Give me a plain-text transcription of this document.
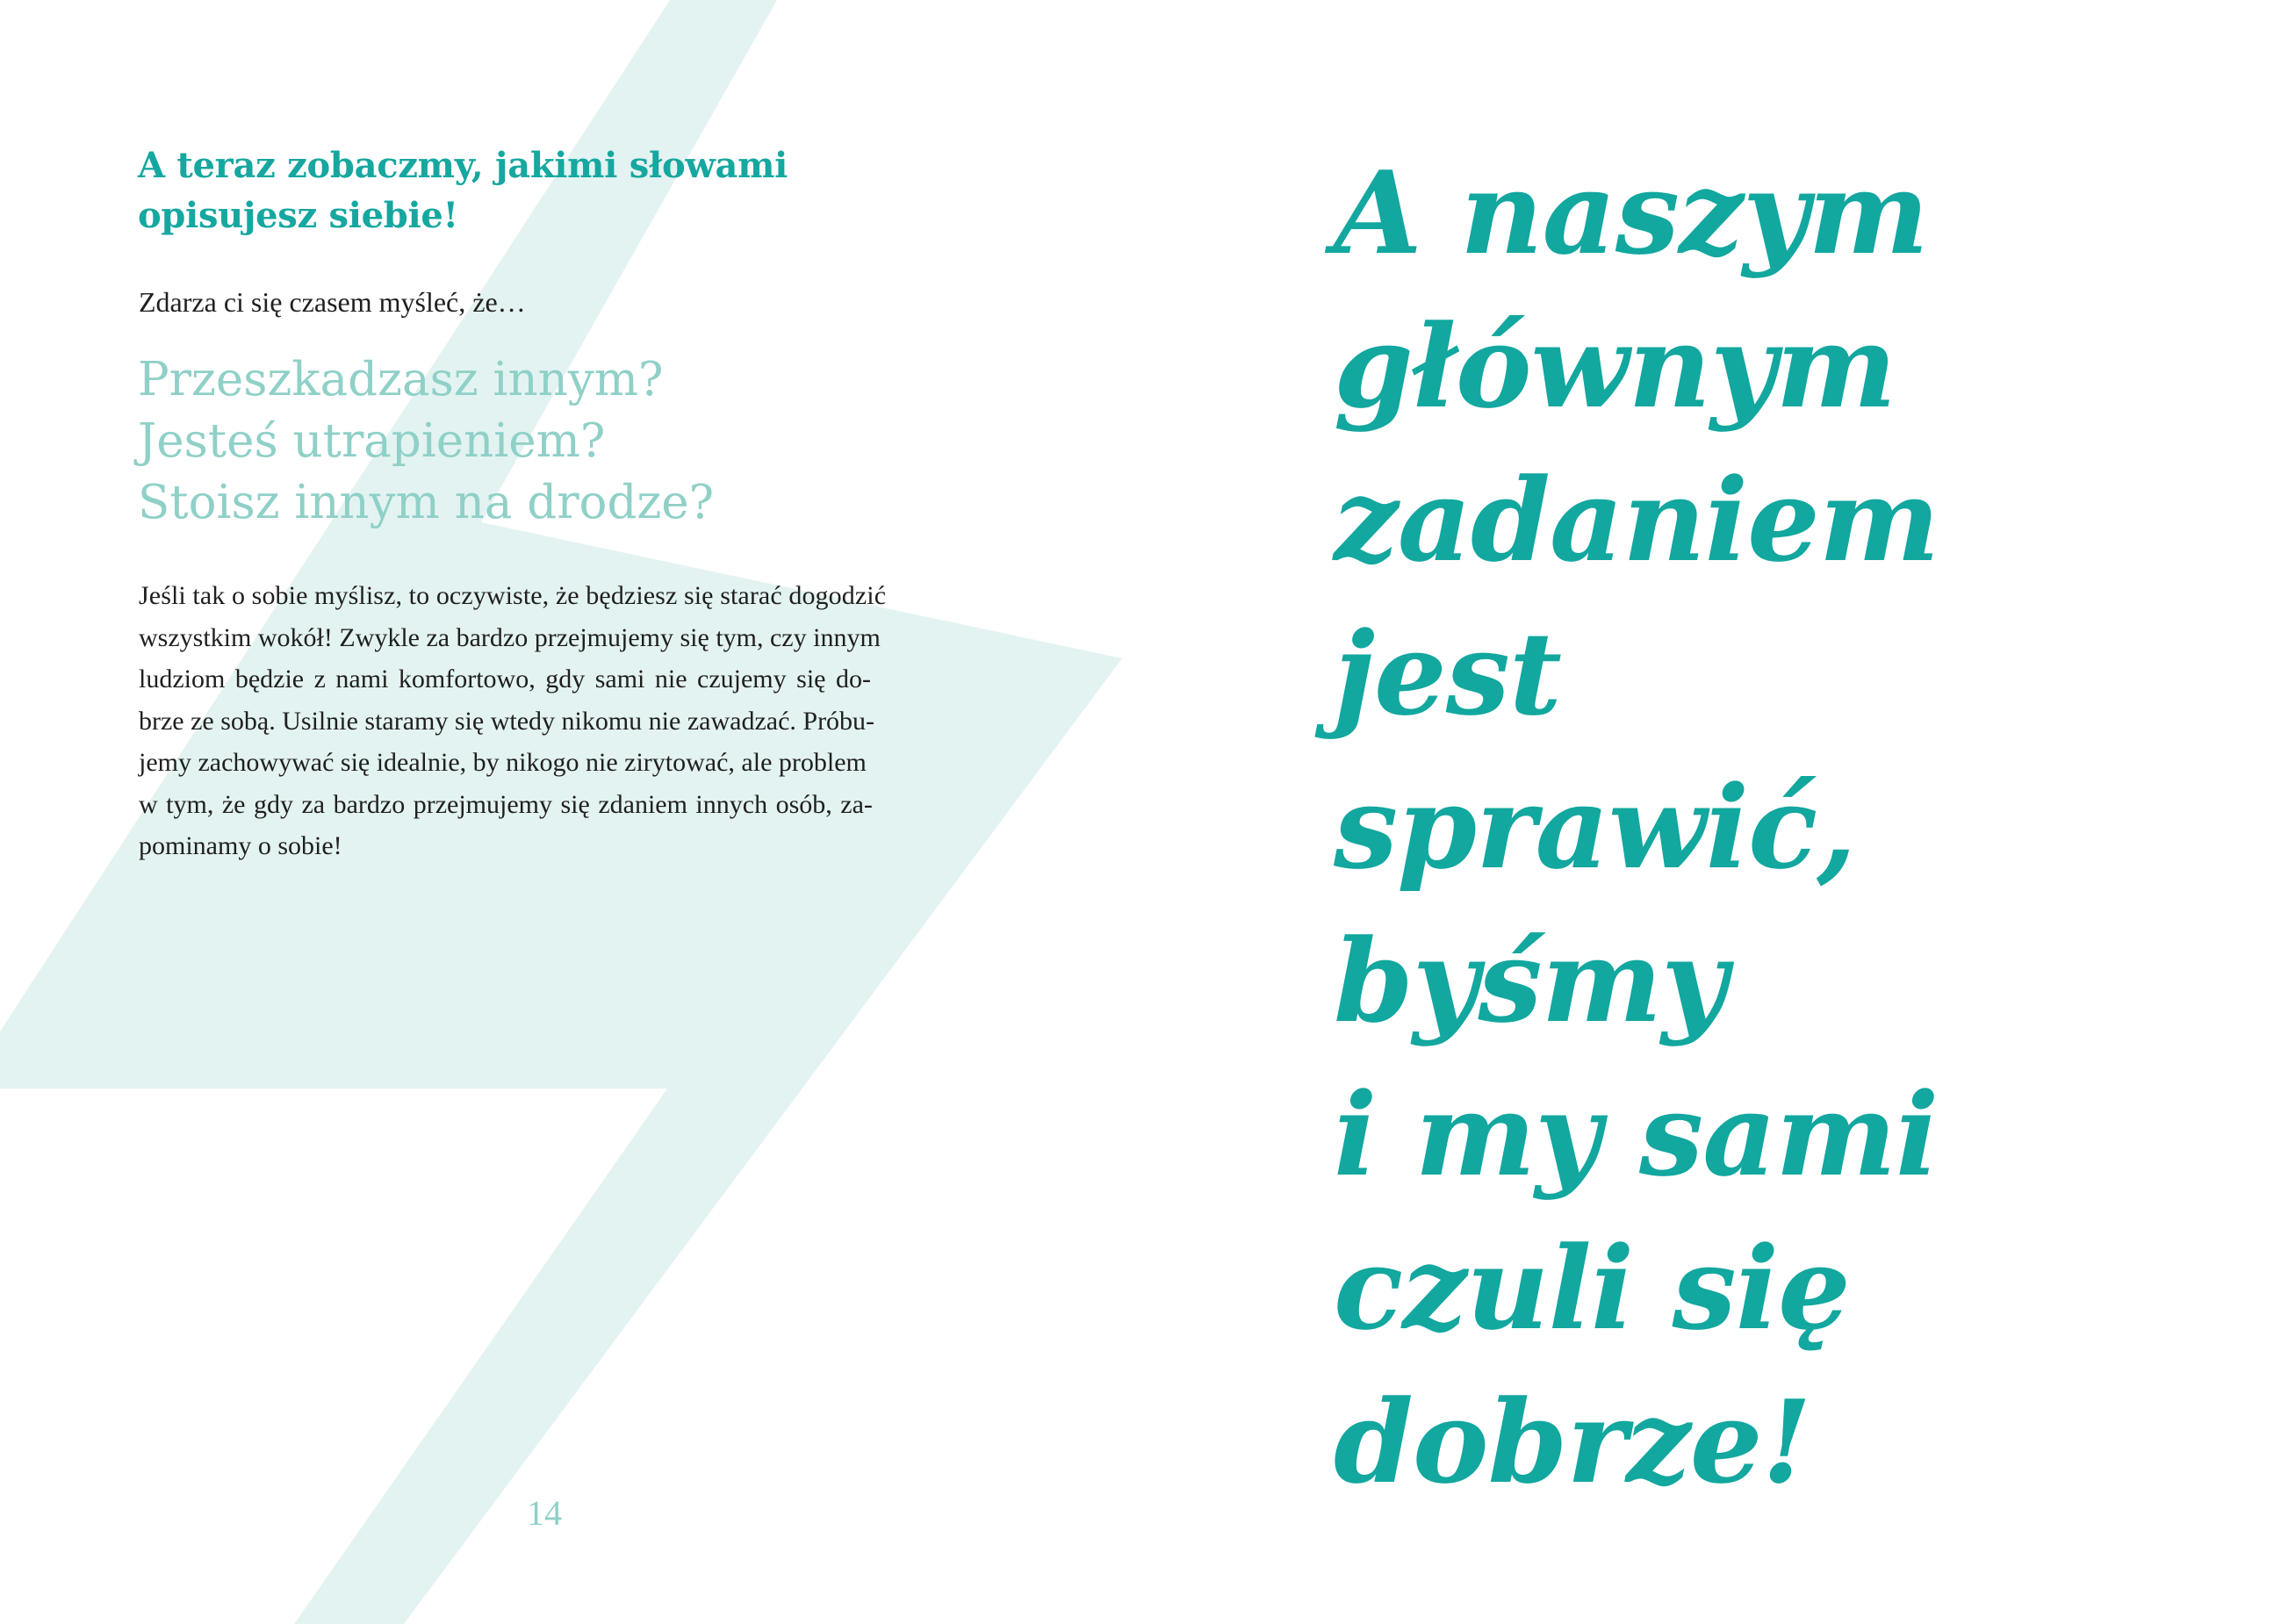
A teraz zobaczmy, jakimi słowami
opisujesz siebie!
Zdarza ci się czasem myśleć, że…
Przeszkadzasz innym?
Jesteś utrapieniem?
Stoisz innym na drodze?
Jeśli tak o sobie myślisz, to oczywiste, że będziesz się starać dogodzić
wszystkim wokół! Zwykle za bardzo przejmujemy się tym, czy innym
ludziom będzie z nami komfortowo, gdy sami nie czujemy się do-
brze ze sobą. Usilnie staramy się wtedy nikomu nie zawadzać. Próbu-
jemy zachowywać się idealnie, by nikogo nie zirytować, ale problem
w tym, że gdy za bardzo przejmujemy się zdaniem innych osób, za-
pominamy o sobie!
14
A naszym
głównym
zadaniem
jest
sprawić,
byśmy
i my sami
czuli się
dobrze!
